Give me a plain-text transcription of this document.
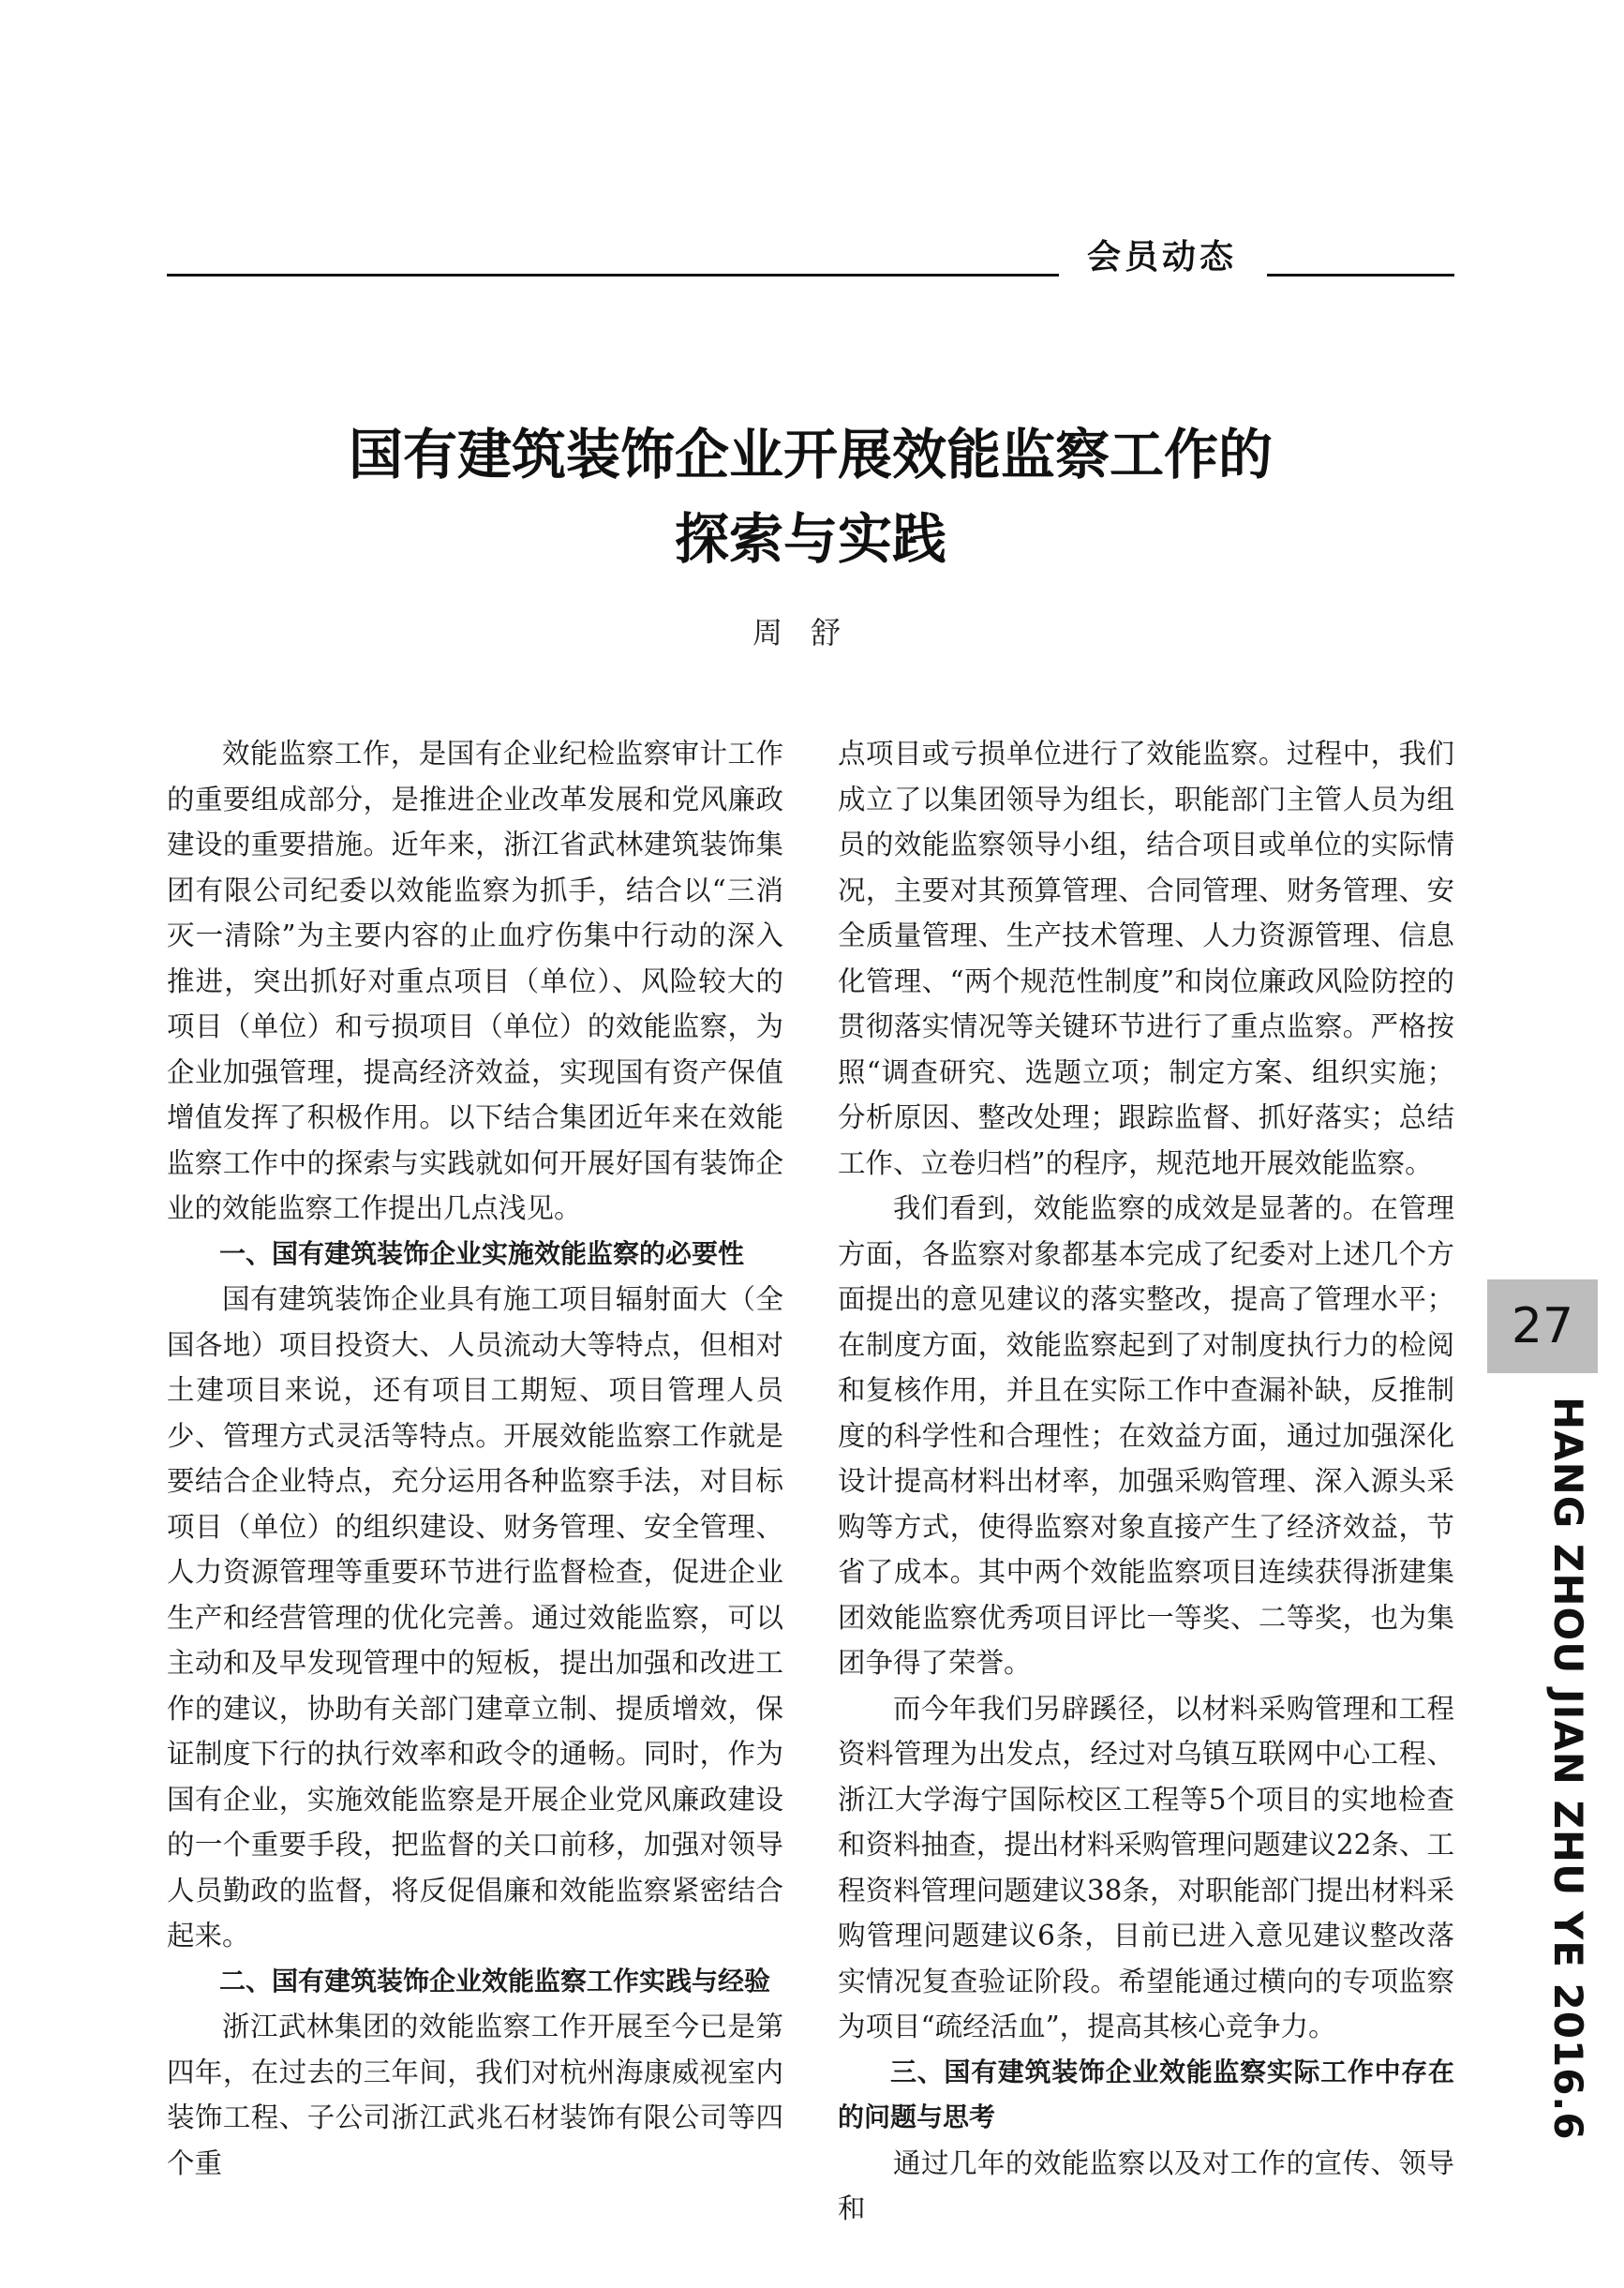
会员动态
国有建筑装饰企业开展效能监察工作的
探索与实践
周舒

效能监察工作，是国有企业纪检监察审计工作的重要组成部分，是推进企业改革发展和党风廉政建设的重要措施。近年来，浙江省武林建筑装饰集团有限公司纪委以效能监察为抓手，结合以“三消灭一清除”为主要内容的止血疗伤集中行动的深入推进，突出抓好对重点项目（单位）、风险较大的项目（单位）和亏损项目（单位）的效能监察，为企业加强管理，提高经济效益，实现国有资产保值增值发挥了积极作用。以下结合集团近年来在效能监察工作中的探索与实践就如何开展好国有装饰企业的效能监察工作提出几点浅见。

一、国有建筑装饰企业实施效能监察的必要性

国有建筑装饰企业具有施工项目辐射面大（全国各地）项目投资大、人员流动大等特点，但相对土建项目来说，还有项目工期短、项目管理人员少、管理方式灵活等特点。开展效能监察工作就是要结合企业特点，充分运用各种监察手法，对目标项目（单位）的组织建设、财务管理、安全管理、人力资源管理等重要环节进行监督检查，促进企业生产和经营管理的优化完善。通过效能监察，可以主动和及早发现管理中的短板，提出加强和改进工作的建议，协助有关部门建章立制、提质增效，保证制度下行的执行效率和政令的通畅。同时，作为国有企业，实施效能监察是开展企业党风廉政建设的一个重要手段，把监督的关口前移，加强对领导人员勤政的监督，将反促倡廉和效能监察紧密结合起来。

二、国有建筑装饰企业效能监察工作实践与经验

浙江武林集团的效能监察工作开展至今已是第四年，在过去的三年间，我们对杭州海康威视室内装饰工程、子公司浙江武兆石材装饰有限公司等四个重

点项目或亏损单位进行了效能监察。过程中，我们成立了以集团领导为组长，职能部门主管人员为组员的效能监察领导小组，结合项目或单位的实际情况，主要对其预算管理、合同管理、财务管理、安全质量管理、生产技术管理、人力资源管理、信息化管理、“两个规范性制度”和岗位廉政风险防控的贯彻落实情况等关键环节进行了重点监察。严格按照“调查研究、选题立项；制定方案、组织实施；分析原因、整改处理；跟踪监督、抓好落实；总结工作、立卷归档”的程序，规范地开展效能监察。

我们看到，效能监察的成效是显著的。在管理方面，各监察对象都基本完成了纪委对上述几个方面提出的意见建议的落实整改，提高了管理水平；在制度方面，效能监察起到了对制度执行力的检阅和复核作用，并且在实际工作中查漏补缺，反推制度的科学性和合理性；在效益方面，通过加强深化设计提高材料出材率，加强采购管理、深入源头采购等方式，使得监察对象直接产生了经济效益，节省了成本。其中两个效能监察项目连续获得浙建集团效能监察优秀项目评比一等奖、二等奖，也为集团争得了荣誉。

而今年我们另辟蹊径，以材料采购管理和工程资料管理为出发点，经过对乌镇互联网中心工程、浙江大学海宁国际校区工程等5个项目的实地检查和资料抽查，提出材料采购管理问题建议22条、工程资料管理问题建议38条，对职能部门提出材料采购管理问题建议6条，目前已进入意见建议整改落实情况复查验证阶段。希望能通过横向的专项监察为项目“疏经活血”，提高其核心竞争力。

三、国有建筑装饰企业效能监察实际工作中存在的问题与思考

通过几年的效能监察以及对工作的宣传、领导和

27
HANG ZHOU JIAN ZHU YE 2016.6
